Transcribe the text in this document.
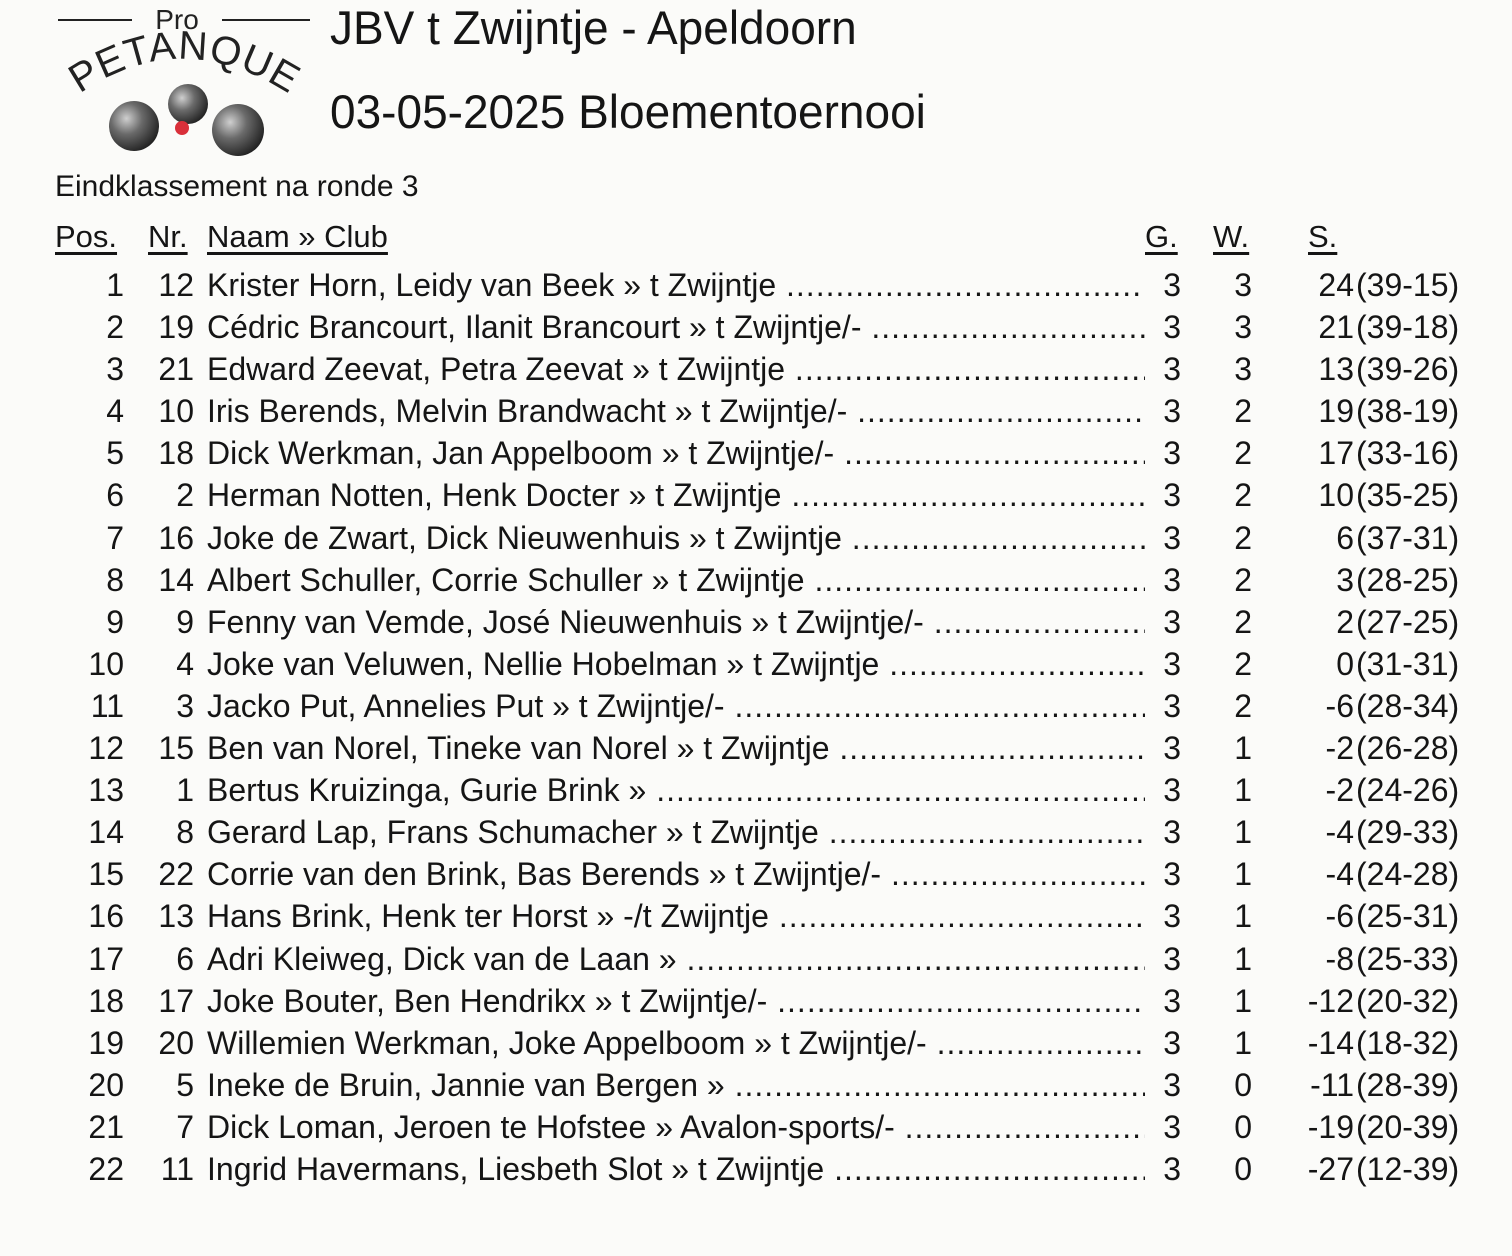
Pro
PETANQUE
JBV t Zwijntje - Apeldoorn
03-05-2025 Bloementoernooi
Eindklassement na ronde 3
Pos. Nr. Naam » Club	G. W. S.
1 12 Krister Horn, Leidy van Beek » t Zwijntje .....	3 3 24 (39-15)
2 19 Cédric Brancourt, Ilanit Brancourt » t Zwijntje/- .....	3 3 21 (39-18)
3 21 Edward Zeevat, Petra Zeevat » t Zwijntje .....	3 3 13 (39-26)
4 10 Iris Berends, Melvin Brandwacht » t Zwijntje/- .....	3 2 19 (38-19)
5 18 Dick Werkman, Jan Appelboom » t Zwijntje/- .....	3 2 17 (33-16)
6 2 Herman Notten, Henk Docter » t Zwijntje .....	3 2 10 (35-25)
7 16 Joke de Zwart, Dick Nieuwenhuis » t Zwijntje .....	3 2	6 (37-31)
8 14 Albert Schuller, Corrie Schuller » t Zwijntje .....	3 2	3 (28-25)
9 9 Fenny van Vemde, José Nieuwenhuis » t Zwijntje/- .....	3 2	2 (27-25)
10 4 Joke van Veluwen, Nellie Hobelman » t Zwijntje .....	3 2	0 (31-31)
11 3 Jacko Put, Annelies Put » t Zwijntje/- .....	3 2 -6 (28-34)
12 15 Ben van Norel, Tineke van Norel » t Zwijntje .....	3 1 -2 (26-28)
13 1 Bertus Kruizinga, Gurie Brink » .....	3 1 -2 (24-26)
14 8 Gerard Lap, Frans Schumacher » t Zwijntje .....	3 1 -4 (29-33)
15 22 Corrie van den Brink, Bas Berends » t Zwijntje/- .....	3 1 -4 (24-28)
16 13 Hans Brink, Henk ter Horst » -/t Zwijntje .....	3 1 -6 (25-31)
17 6 Adri Kleiweg, Dick van de Laan » .....	3 1 -8 (25-33)
18 17 Joke Bouter, Ben Hendrikx » t Zwijntje/- .....	3 1 -12 (20-32)
19 20 Willemien Werkman, Joke Appelboom » t Zwijntje/- .....	3 1 -14 (18-32)
20 5 Ineke de Bruin, Jannie van Bergen » .....	3 0 -11 (28-39)
21 7 Dick Loman, Jeroen te Hofstee » Avalon-sports/- .....	3 0 -19 (20-39)
22 11 Ingrid Havermans, Liesbeth Slot » t Zwijntje .....	3 0 -27 (12-39)
